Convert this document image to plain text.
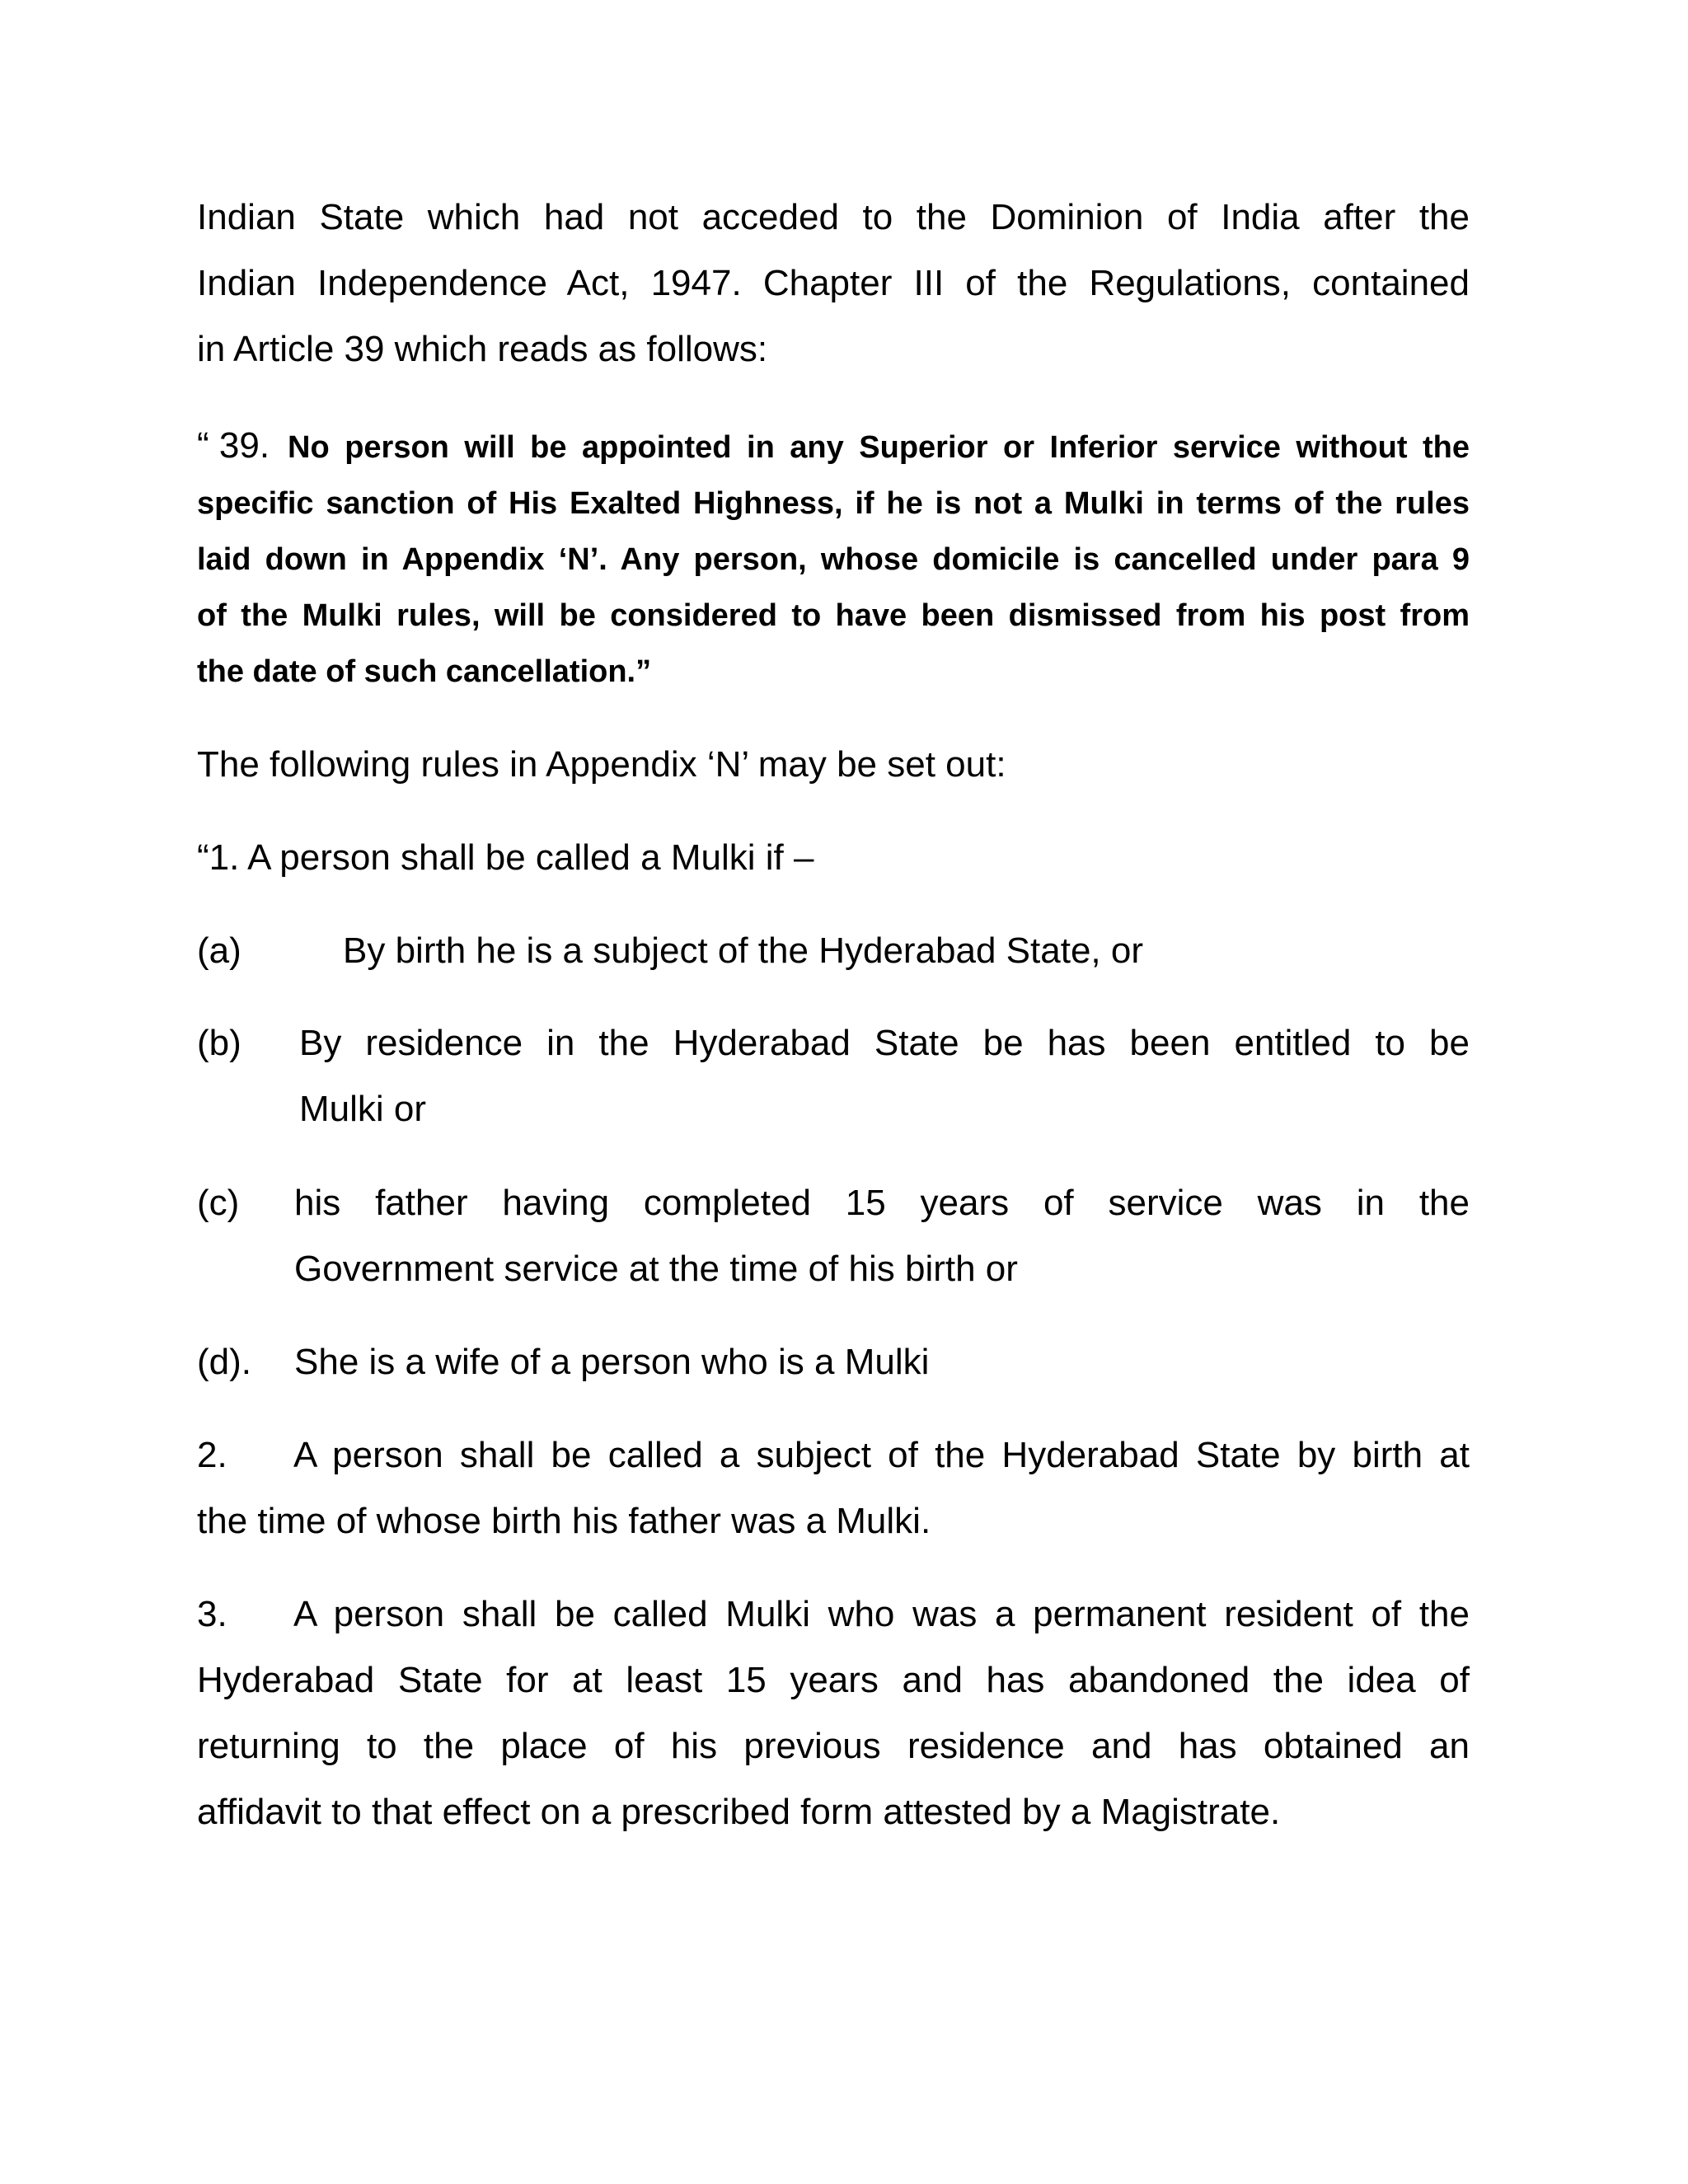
Indian State which had not acceded to the Dominion of India after the
Indian Independence Act, 1947. Chapter III of the Regulations, contained
in Article 39 which reads as follows:
“ 39. No person will be appointed in any Superior or Inferior service without the
specific sanction of His Exalted Highness, if he is not a Mulki in terms of the rules
laid down in Appendix ‘N’. Any person, whose domicile is cancelled under para 9
of the Mulki rules, will be considered to have been dismissed from his post from
the date of such cancellation.”
The following rules in Appendix ‘N’ may be set out:
“1. A person shall be called a Mulki if –
(a)	By birth he is a subject of the Hyderabad State, or
(b) By residence in the Hyderabad State be has been entitled to be
Mulki or
(c) his father having completed 15 years of service was in the
Government service at the time of his birth or
(d). She is a wife of a person who is a Mulki
2. A person shall be called a subject of the Hyderabad State by birth at
the time of whose birth his father was a Mulki.
3. A person shall be called Mulki who was a permanent resident of the
Hyderabad State for at least 15 years and has abandoned the idea of
returning to the place of his previous residence and has obtained an
affidavit to that effect on a prescribed form attested by a Magistrate.
